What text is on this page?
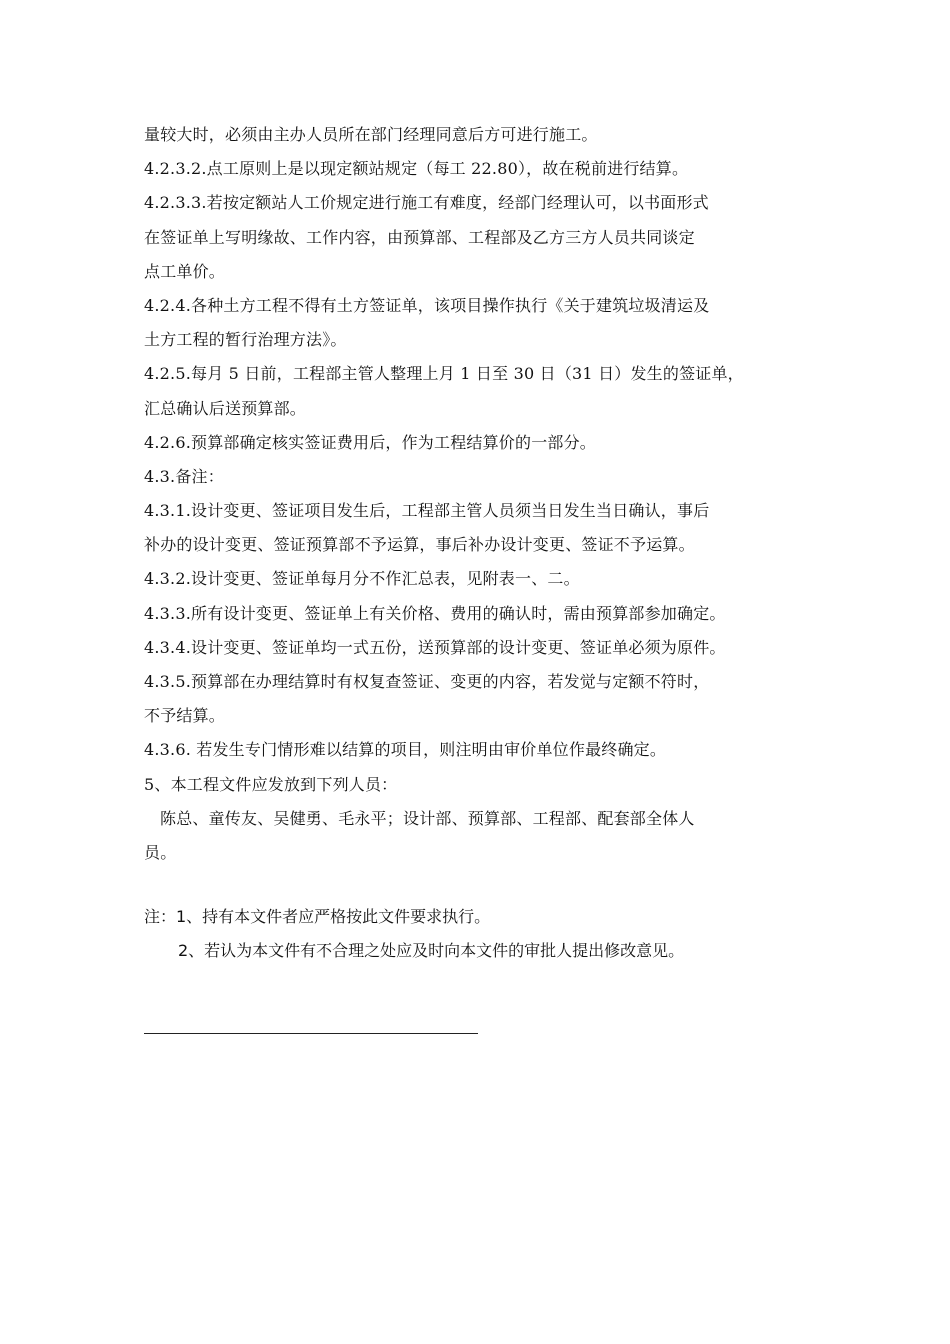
量较大时，必须由主办人员所在部门经理同意后方可进行施工。
4.2.3.2.点工原则上是以现定额站规定（每工 22.80），故在税前进行结算。
4.2.3.3.若按定额站人工价规定进行施工有难度，经部门经理认可，以书面形式
在签证单上写明缘故、工作内容，由预算部、工程部及乙方三方人员共同谈定
点工单价。
4.2.4.各种土方工程不得有土方签证单，该项目操作执行《关于建筑垃圾清运及
土方工程的暂行治理方法》。
4.2.5.每月 5 日前，工程部主管人整理上月 1 日至 30 日（31 日）发生的签证单，
汇总确认后送预算部。
4.2.6.预算部确定核实签证费用后，作为工程结算价的一部分。
4.3.备注：
4.3.1.设计变更、签证项目发生后，工程部主管人员须当日发生当日确认，事后
补办的设计变更、签证预算部不予运算，事后补办设计变更、签证不予运算。
4.3.2.设计变更、签证单每月分不作汇总表，见附表一、二。
4.3.3.所有设计变更、签证单上有关价格、费用的确认时，需由预算部参加确定。
4.3.4.设计变更、签证单均一式五份，送预算部的设计变更、签证单必须为原件。
4.3.5.预算部在办理结算时有权复查签证、变更的内容，若发觉与定额不符时，
不予结算。
4.3.6. 若发生专门情形难以结算的项目，则注明由审价单位作最终确定。
5、本工程文件应发放到下列人员：
陈总、童传友、吴健勇、毛永平；设计部、预算部、工程部、配套部全体人
员。
注：1、持有本文件者应严格按此文件要求执行。
2、若认为本文件有不合理之处应及时向本文件的审批人提出修改意见。
